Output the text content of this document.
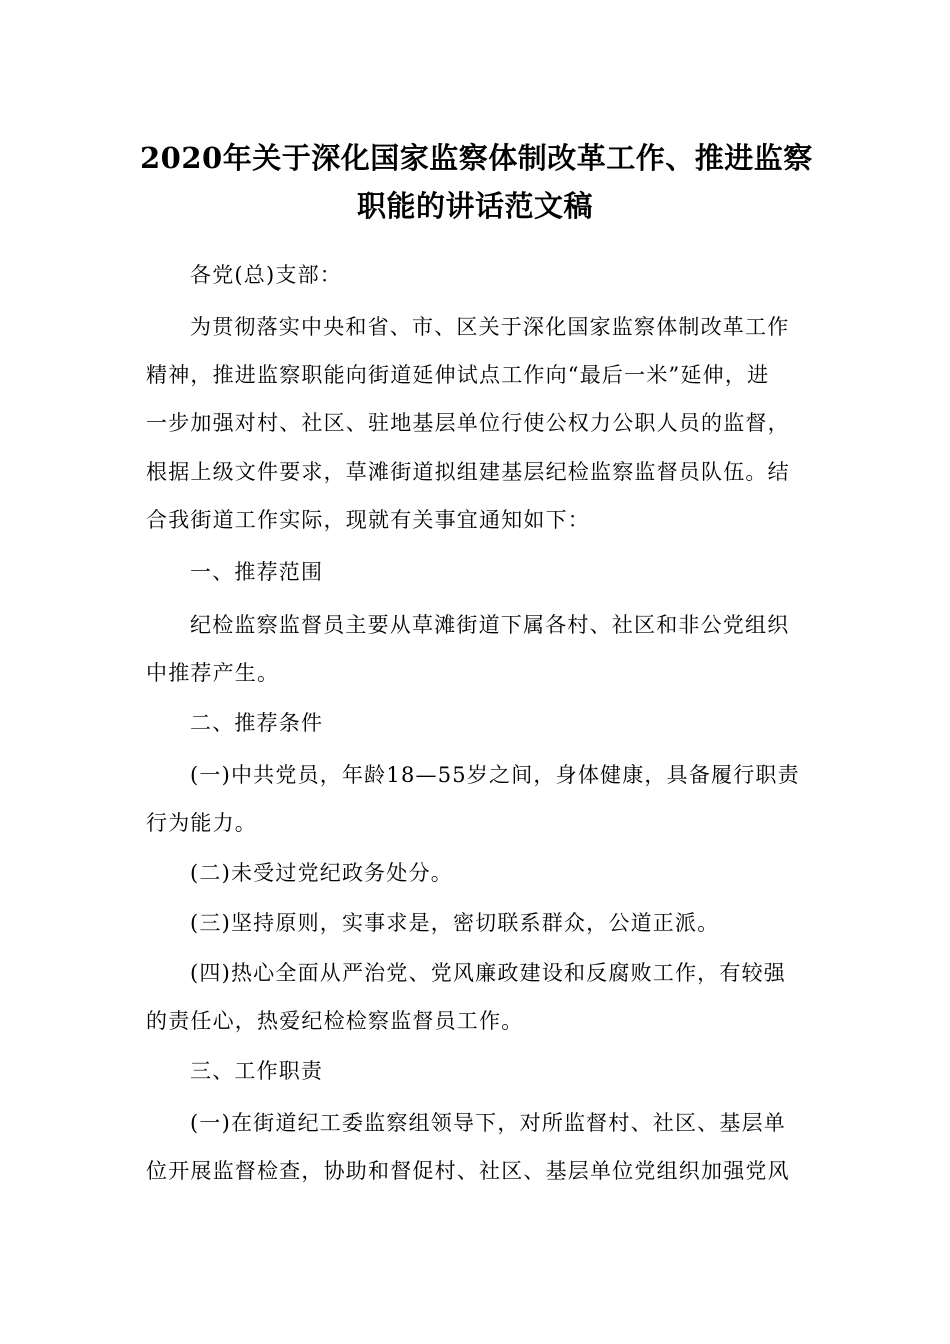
2020年关于深化国家监察体制改革工作、推进监察
职能的讲话范文稿
各党(总)支部：
为贯彻落实中央和省、市、区关于深化国家监察体制改革工作
精神，推进监察职能向街道延伸试点工作向“最后一米”延伸，进
一步加强对村、社区、驻地基层单位行使公权力公职人员的监督，
根据上级文件要求，草滩街道拟组建基层纪检监察监督员队伍。结
合我街道工作实际，现就有关事宜通知如下：
一、推荐范围
纪检监察监督员主要从草滩街道下属各村、社区和非公党组织
中推荐产生。
二、推荐条件
(一)中共党员，年龄18—55岁之间，身体健康，具备履行职责
行为能力。
(二)未受过党纪政务处分。
(三)坚持原则，实事求是，密切联系群众，公道正派。
(四)热心全面从严治党、党风廉政建设和反腐败工作，有较强
的责任心，热爱纪检检察监督员工作。
三、工作职责
(一)在街道纪工委监察组领导下，对所监督村、社区、基层单
位开展监督检查，协助和督促村、社区、基层单位党组织加强党风
